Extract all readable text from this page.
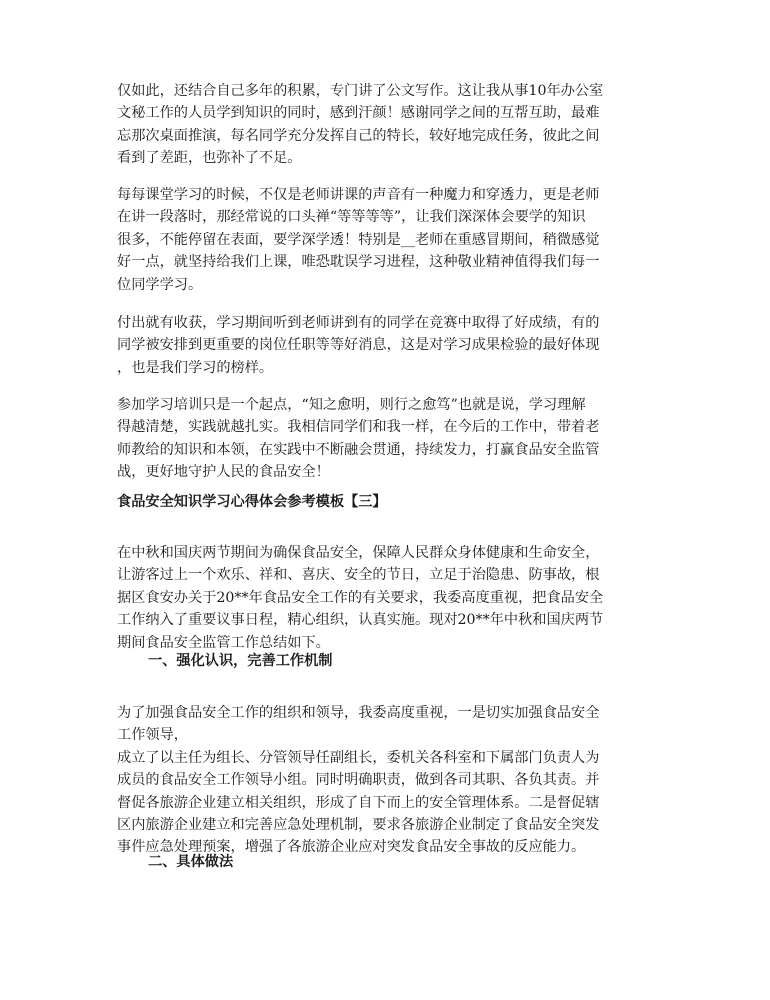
仅如此，还结合自己多年的积累，专门讲了公文写作。这让我从事10年办公室
文秘工作的人员学到知识的同时，感到汗颜！感谢同学之间的互帮互助，最难
忘那次桌面推演，每名同学充分发挥自己的特长，较好地完成任务，彼此之间
看到了差距，也弥补了不足。
每每课堂学习的时候，不仅是老师讲课的声音有一种魔力和穿透力，更是老师
在讲一段落时，那经常说的口头禅“等等等等”，让我们深深体会要学的知识
很多，不能停留在表面，要学深学透！特别是__老师在重感冒期间，稍微感觉
好一点，就坚持给我们上课，唯恐耽误学习进程，这种敬业精神值得我们每一
位同学学习。
付出就有收获，学习期间听到老师讲到有的同学在竞赛中取得了好成绩，有的
同学被安排到更重要的岗位任职等等好消息，这是对学习成果检验的最好体现
，也是我们学习的榜样。
参加学习培训只是一个起点，“知之愈明，则行之愈笃”也就是说，学习理解
得越清楚，实践就越扎实。我相信同学们和我一样，在今后的工作中，带着老
师教给的知识和本领，在实践中不断融会贯通，持续发力，打赢食品安全监管
战，更好地守护人民的食品安全！
食品安全知识学习心得体会参考模板【三】
在中秋和国庆两节期间为确保食品安全，保障人民群众身体健康和生命安全，
让游客过上一个欢乐、祥和、喜庆、安全的节日，立足于治隐患、防事故，根
据区食安办关于20**年食品安全工作的有关要求，我委高度重视，把食品安全
工作纳入了重要议事日程，精心组织，认真实施。现对20**年中秋和国庆两节
期间食品安全监管工作总结如下。
一、强化认识，完善工作机制
为了加强食品安全工作的组织和领导，我委高度重视，一是切实加强食品安全
工作领导，
成立了以主任为组长、分管领导任副组长，委机关各科室和下属部门负责人为
成员的食品安全工作领导小组。同时明确职责，做到各司其职、各负其责。并
督促各旅游企业建立相关组织，形成了自下而上的安全管理体系。二是督促辖
区内旅游企业建立和完善应急处理机制，要求各旅游企业制定了食品安全突发
事件应急处理预案，增强了各旅游企业应对突发食品安全事故的反应能力。
二、具体做法
